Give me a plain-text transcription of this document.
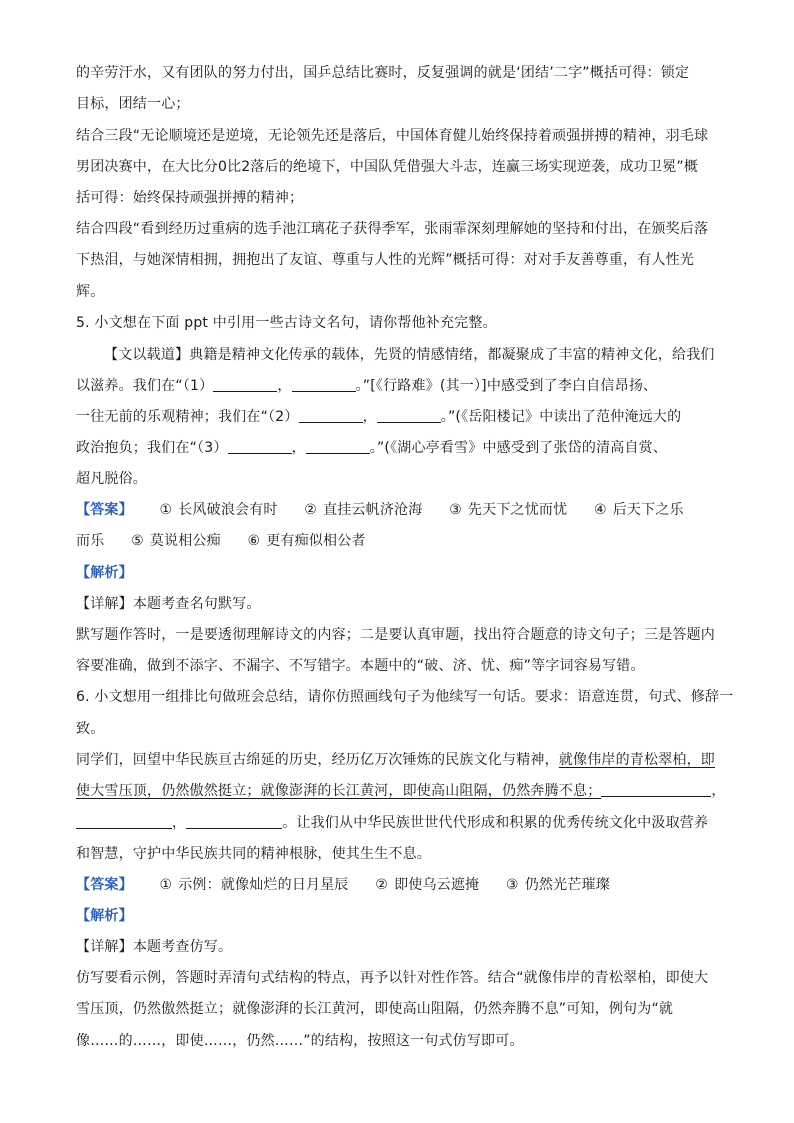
的辛劳汗水，又有团队的努力付出，国乒总结比赛时，反复强调的就是‘团结’二字”概括可得：锁定
目标，团结一心；
结合三段“无论顺境还是逆境，无论领先还是落后，中国体育健儿始终保持着顽强拼搏的精神，羽毛球
男团决赛中，在大比分0比2落后的绝境下，中国队凭借强大斗志，连赢三场实现逆袭，成功卫冕”概
括可得：始终保持顽强拼搏的精神；
结合四段“看到经历过重病的选手池江璃花子获得季军，张雨霏深刻理解她的坚持和付出，在颁奖后落
下热泪，与她深情相拥，拥抱出了友谊、尊重与人性的光辉”概括可得：对对手友善尊重，有人性光
辉。
5. 小文想在下面 ppt 中引用一些古诗文名句，请你帮他补充完整。
【文以载道】典籍是精神文化传承的载体，先贤的情感情绪，都凝聚成了丰富的精神文化，给我们
以滋养。我们在“（1）	，	。”[《行路难》(其一）]中感受到了李白自信昂扬、
一往无前的乐观精神；我们在“（2）	，	。”(《岳阳楼记》中读出了范仲淹远大的
政治抱负；我们在“（3）	，	。”(《湖心亭看雪》中感受到了张岱的清高自赏、
超凡脱俗。
【答案】 ① 长风破浪会有时 ② 直挂云帆济沧海 ③ 先天下之忧而忧 ④ 后天下之乐
而乐 ⑤ 莫说相公痴 ⑥ 更有痴似相公者
【解析】
【详解】本题考查名句默写。
默写题作答时，一是要透彻理解诗文的内容；二是要认真审题，找出符合题意的诗文句子；三是答题内
容要准确，做到不添字、不漏字、不写错字。本题中的“破、济、忧、痴”等字词容易写错。
6. 小文想用一组排比句做班会总结，请你仿照画线句子为他续写一句话。要求：语意连贯，句式、修辞一
致。
同学们，回望中华民族亘古绵延的历史，经历亿万次锤炼的民族文化与精神，就像伟岸的青松翠柏，即
使大雪压顶，仍然傲然挺立；就像澎湃的长江黄河，即使高山阻隔，仍然奔腾不息；	，
，	。让我们从中华民族世世代代形成和积累的优秀传统文化中汲取营养
和智慧，守护中华民族共同的精神根脉，使其生生不息。
【答案】 ① 示例：就像灿烂的日月星辰 ② 即使乌云遮掩 ③ 仍然光芒璀璨
【解析】
【详解】本题考查仿写。
仿写要看示例，答题时弄清句式结构的特点，再予以针对性作答。结合“就像伟岸的青松翠柏，即使大
雪压顶，仍然傲然挺立；就像澎湃的长江黄河，即使高山阻隔，仍然奔腾不息”可知，例句为“就
像……的……，即使……，仍然……”的结构，按照这一句式仿写即可。
